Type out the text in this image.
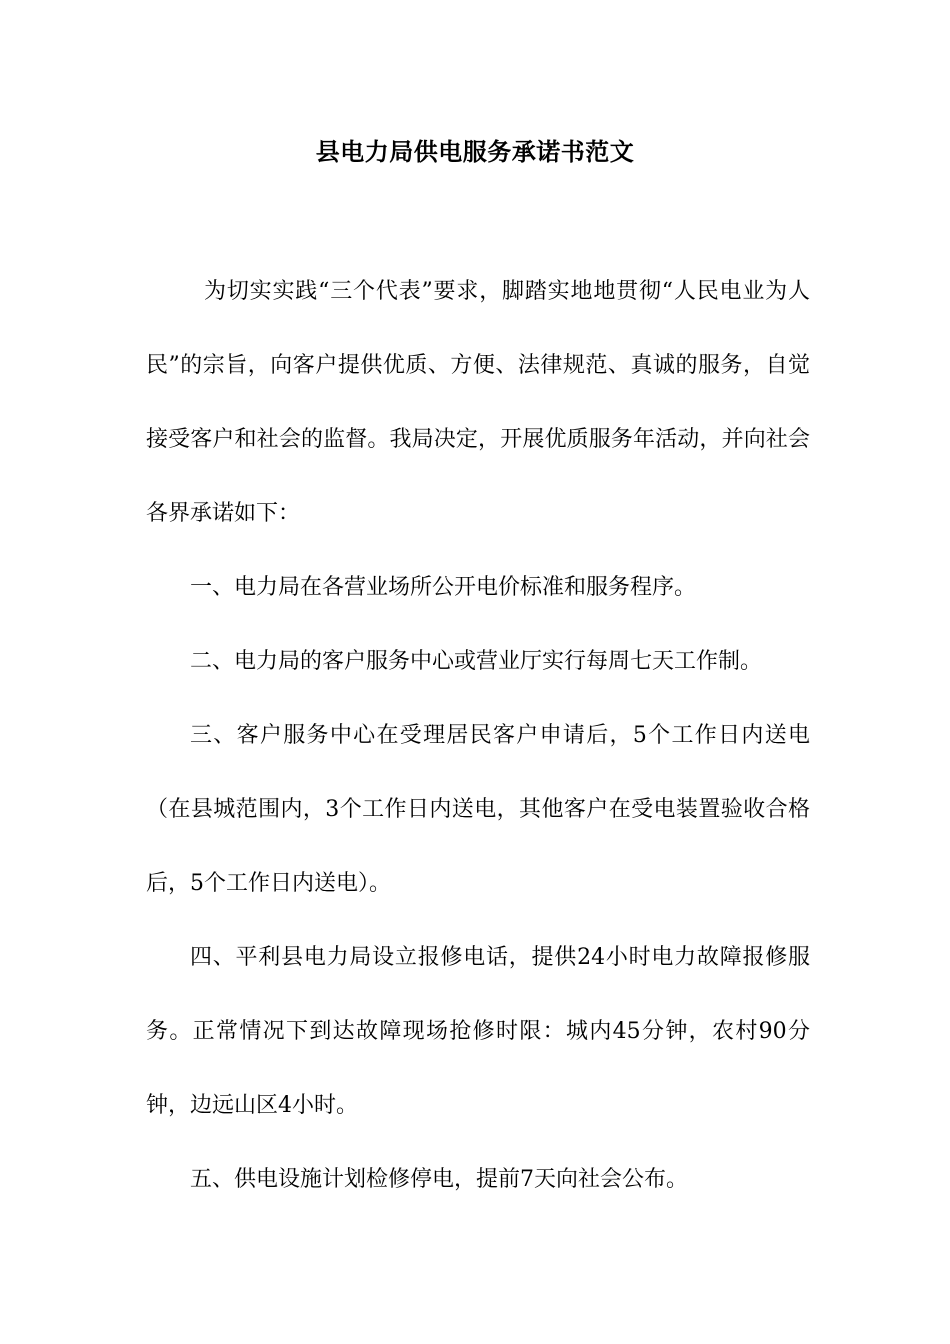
县电力局供电服务承诺书范文

为切实实践“三个代表”要求，脚踏实地地贯彻“人民电业为人民”的宗旨，向客户提供优质、方便、法律规范、真诚的服务，自觉接受客户和社会的监督。我局决定，开展优质服务年活动，并向社会各界承诺如下：

一、电力局在各营业场所公开电价标准和服务程序。

二、电力局的客户服务中心或营业厅实行每周七天工作制。

三、客户服务中心在受理居民客户申请后，5个工作日内送电（在县城范围内，3个工作日内送电，其他客户在受电装置验收合格后，5个工作日内送电）。

四、平利县电力局设立报修电话，提供24小时电力故障报修服务。正常情况下到达故障现场抢修时限：城内45分钟，农村90分钟，边远山区4小时。

五、供电设施计划检修停电，提前7天向社会公布。
